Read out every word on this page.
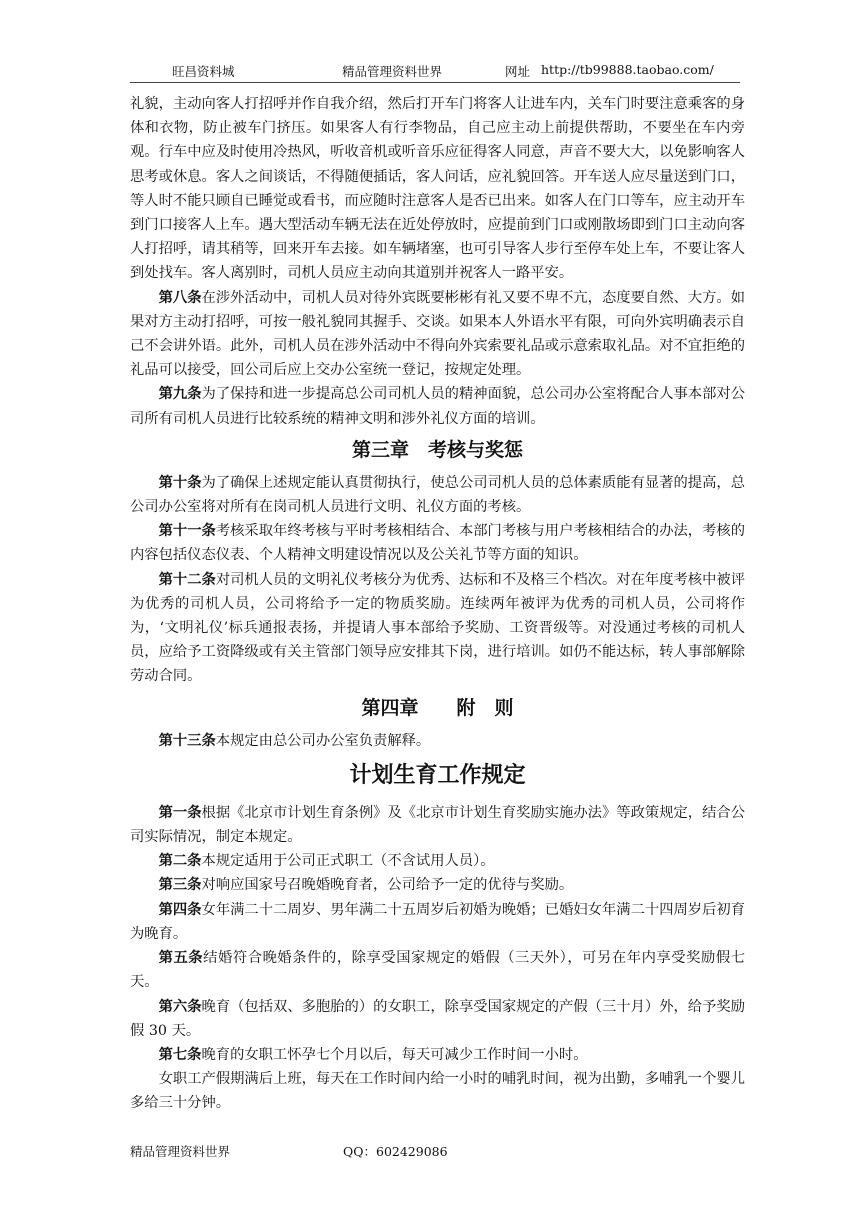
旺昌资料城	精品管理资料世界	网址 http://tb99888.taobao.com/

礼貌，主动向客人打招呼并作自我介绍，然后打开车门将客人让进车内，关车门时要注意乘客的身体和衣物，防止被车门挤压。如果客人有行李物品，自己应主动上前提供帮助，不要坐在车内旁观。行车中应及时使用冷热风，听收音机或听音乐应征得客人同意，声音不要大大，以免影响客人思考或休息。客人之间谈话，不得随便插话，客人问话，应礼貌回答。开车送人应尽量送到门口，等人时不能只顾自已睡觉或看书，而应随时注意客人是否已出来。如客人在门口等车，应主动开车到门口接客人上车。遇大型活动车辆无法在近处停放时，应提前到门口或刚散场即到门口主动向客人打招呼，请其稍等，回来开车去接。如车辆堵塞，也可引导客人步行至停车处上车，不要让客人到处找车。客人离别时，司机人员应主动向其道别并祝客人一路平安。

第八条在涉外活动中，司机人员对待外宾既要彬彬有礼又要不卑不亢，态度要自然、大方。如果对方主动打招呼，可按一般礼貌同其握手、交谈。如果本人外语水平有限，可向外宾明确表示自己不会讲外语。此外，司机人员在涉外活动中不得向外宾索要礼品或示意索取礼品。对不宜拒绝的礼品可以接受，回公司后应上交办公室统一登记，按规定处理。

第九条为了保持和进一步提高总公司司机人员的精神面貌，总公司办公室将配合人事本部对公司所有司机人员进行比较系统的精神文明和涉外礼仪方面的培训。

第三章　考核与奖惩

第十条为了确保上述规定能认真贯彻执行，使总公司司机人员的总体素质能有显著的提高，总公司办公室将对所有在岗司机人员进行文明、礼仪方面的考核。

第十一条考核采取年终考核与平时考核相结合、本部门考核与用户考核相结合的办法，考核的内容包括仪态仪表、个人精神文明建设情况以及公关礼节等方面的知识。

第十二条对司机人员的文明礼仪考核分为优秀、达标和不及格三个档次。对在年度考核中被评为优秀的司机人员，公司将给予一定的物质奖励。连续两年被评为优秀的司机人员，公司将作为，‘文明礼仪’标兵通报表扬，并提请人事本部给予奖励、工资晋级等。对没通过考核的司机人员，应给予工资降级或有关主管部门领导应安排其下岗，进行培训。如仍不能达标，转人事部解除劳动合同。

第四章　　附　则

第十三条本规定由总公司办公室负责解释。

计划生育工作规定

第一条根据《北京市计划生育条例》及《北京市计划生育奖励实施办法》等政策规定，结合公司实际情况，制定本规定。

第二条本规定适用于公司正式职工（不含试用人员）。

第三条对响应国家号召晚婚晚育者，公司给予一定的优待与奖励。

第四条女年满二十二周岁、男年满二十五周岁后初婚为晚婚；已婚妇女年满二十四周岁后初育为晚育。

第五条结婚符合晚婚条件的，除享受国家规定的婚假（三天外），可另在年内享受奖励假七天。

第六条晚育（包括双、多胞胎的）的女职工，除享受国家规定的产假（三十月）外，给予奖励假 30 天。

第七条晚育的女职工怀孕七个月以后，每天可减少工作时间一小时。

女职工产假期满后上班，每天在工作时间内给一小时的哺乳时间，视为出勤，多哺乳一个婴儿多给三十分钟。

精品管理资料世界	QQ：602429086
